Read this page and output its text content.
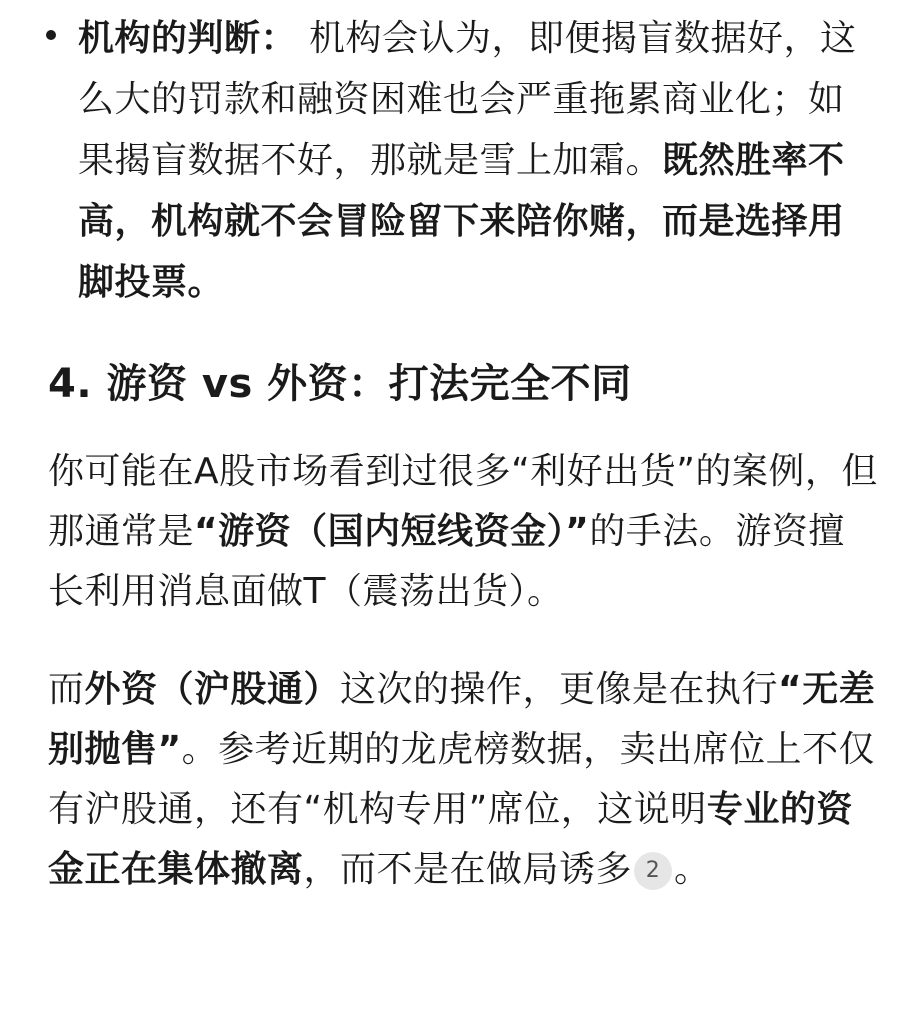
机构的判断： 机构会认为，即便揭盲数据好，这么大的罚款和融资困难也会严重拖累商业化；如果揭盲数据不好，那就是雪上加霜。既然胜率不高，机构就不会冒险留下来陪你赌，而是选择用脚投票。
4. 游资 vs 外资：打法完全不同
你可能在A股市场看到过很多“利好出货”的案例，但那通常是“游资（国内短线资金）”的手法。游资擅长利用消息面做T（震荡出货）。
而外资（沪股通）这次的操作，更像是在执行“无差别抛售”。参考近期的龙虎榜数据，卖出席位上不仅有沪股通，还有“机构专用”席位，这说明专业的资金正在集体撤离，而不是在做局诱多 2 。
